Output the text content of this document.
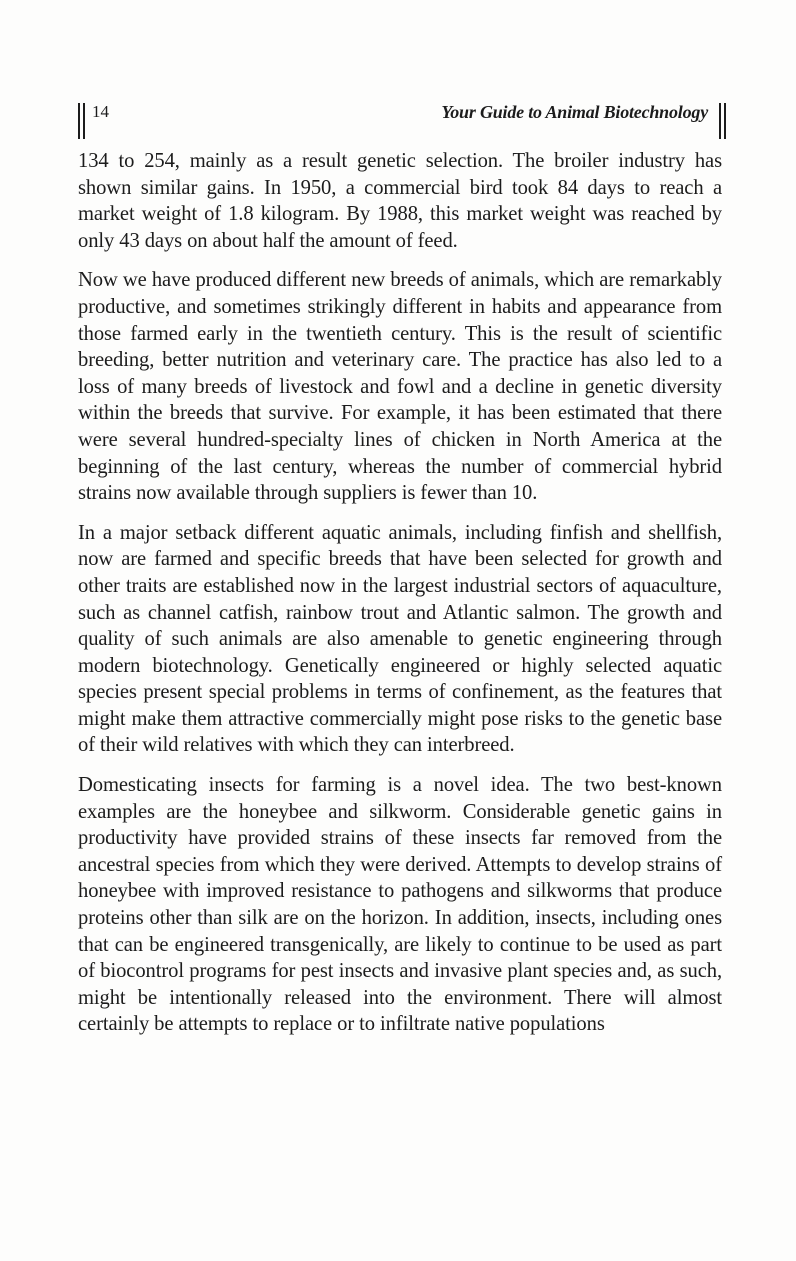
14	Your Guide to Animal Biotechnology

134 to 254, mainly as a result genetic selection. The broiler industry has shown similar gains. In 1950, a commercial bird took 84 days to reach a market weight of 1.8 kilogram. By 1988, this market weight was reached by only 43 days on about half the amount of feed.

Now we have produced different new breeds of animals, which are remarkably productive, and sometimes strikingly different in habits and appearance from those farmed early in the twentieth century. This is the result of scientific breeding, better nutrition and veterinary care. The practice has also led to a loss of many breeds of livestock and fowl and a decline in genetic diversity within the breeds that survive. For example, it has been estimated that there were several hundred-specialty lines of chicken in North America at the beginning of the last century, whereas the number of commercial hybrid strains now available through suppliers is fewer than 10.

In a major setback different aquatic animals, including finfish and shellfish, now are farmed and specific breeds that have been selected for growth and other traits are established now in the largest industrial sectors of aquaculture, such as channel catfish, rainbow trout and Atlantic salmon. The growth and quality of such animals are also amenable to genetic engineering through modern biotechnology. Genetically engineered or highly selected aquatic species present special problems in terms of confinement, as the features that might make them attractive commercially might pose risks to the genetic base of their wild relatives with which they can interbreed.

Domesticating insects for farming is a novel idea. The two best-known examples are the honeybee and silkworm. Considerable genetic gains in productivity have provided strains of these insects far removed from the ancestral species from which they were derived. Attempts to develop strains of honeybee with improved resistance to pathogens and silkworms that produce proteins other than silk are on the horizon. In addition, insects, including ones that can be engineered transgenically, are likely to continue to be used as part of biocontrol programs for pest insects and invasive plant species and, as such, might be intentionally released into the environment. There will almost certainly be attempts to replace or to infiltrate native populations
